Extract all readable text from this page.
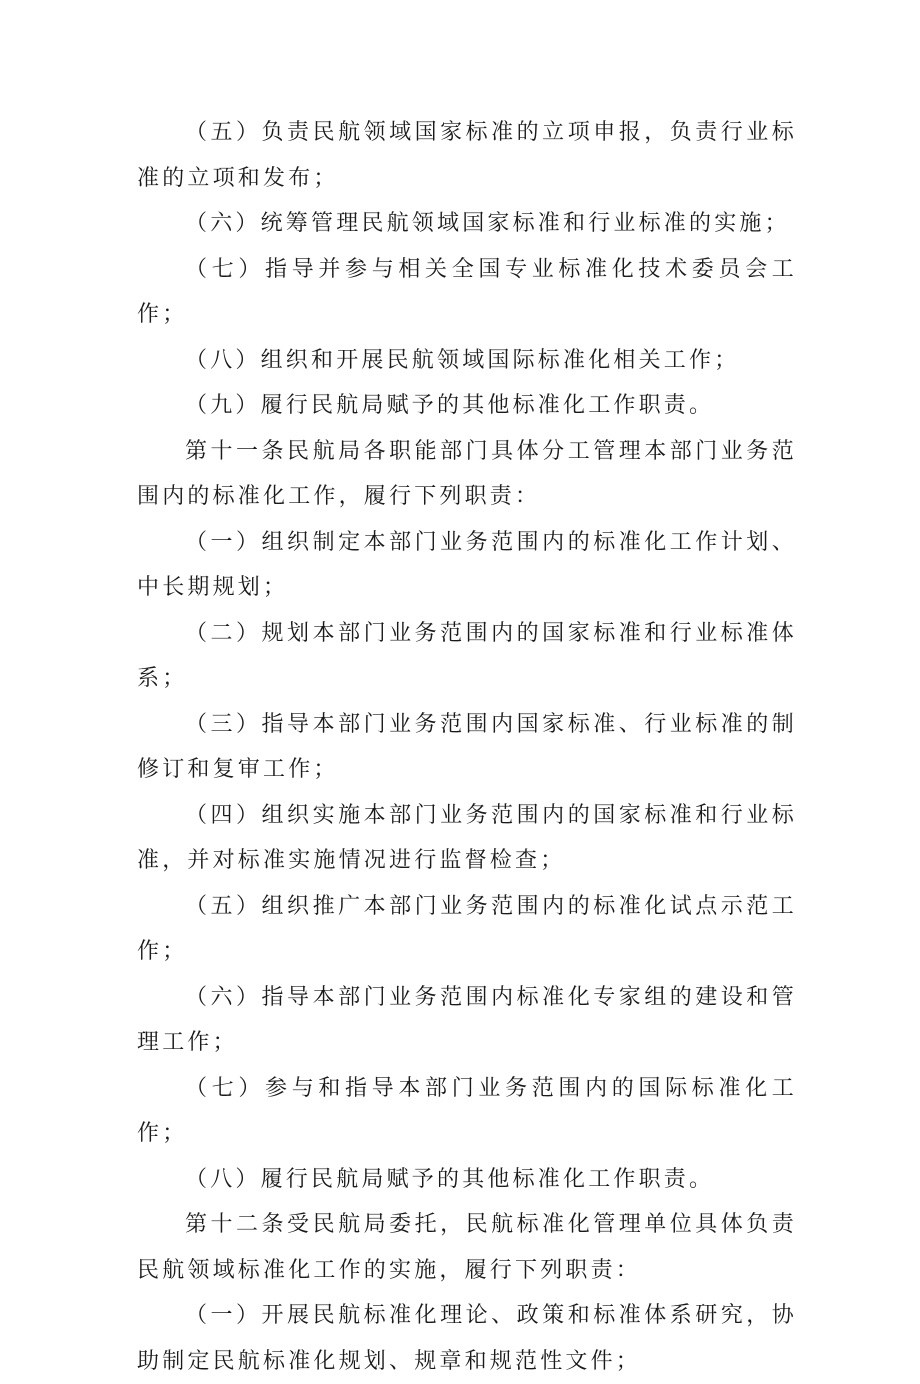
（五）负责民航领域国家标准的立项申报，负责行业标准的立项和发布；

（六）统筹管理民航领域国家标准和行业标准的实施；

（七）指导并参与相关全国专业标准化技术委员会工作；

（八）组织和开展民航领域国际标准化相关工作；

（九）履行民航局赋予的其他标准化工作职责。

第十一条民航局各职能部门具体分工管理本部门业务范围内的标准化工作，履行下列职责：

（一）组织制定本部门业务范围内的标准化工作计划、中长期规划；

（二）规划本部门业务范围内的国家标准和行业标准体系；

（三）指导本部门业务范围内国家标准、行业标准的制修订和复审工作；

（四）组织实施本部门业务范围内的国家标准和行业标准，并对标准实施情况进行监督检查；

（五）组织推广本部门业务范围内的标准化试点示范工作；

（六）指导本部门业务范围内标准化专家组的建设和管理工作；

（七）参与和指导本部门业务范围内的国际标准化工作；

（八）履行民航局赋予的其他标准化工作职责。

第十二条受民航局委托，民航标准化管理单位具体负责民航领域标准化工作的实施，履行下列职责：

（一）开展民航标准化理论、政策和标准体系研究，协助制定民航标准化规划、规章和规范性文件；
